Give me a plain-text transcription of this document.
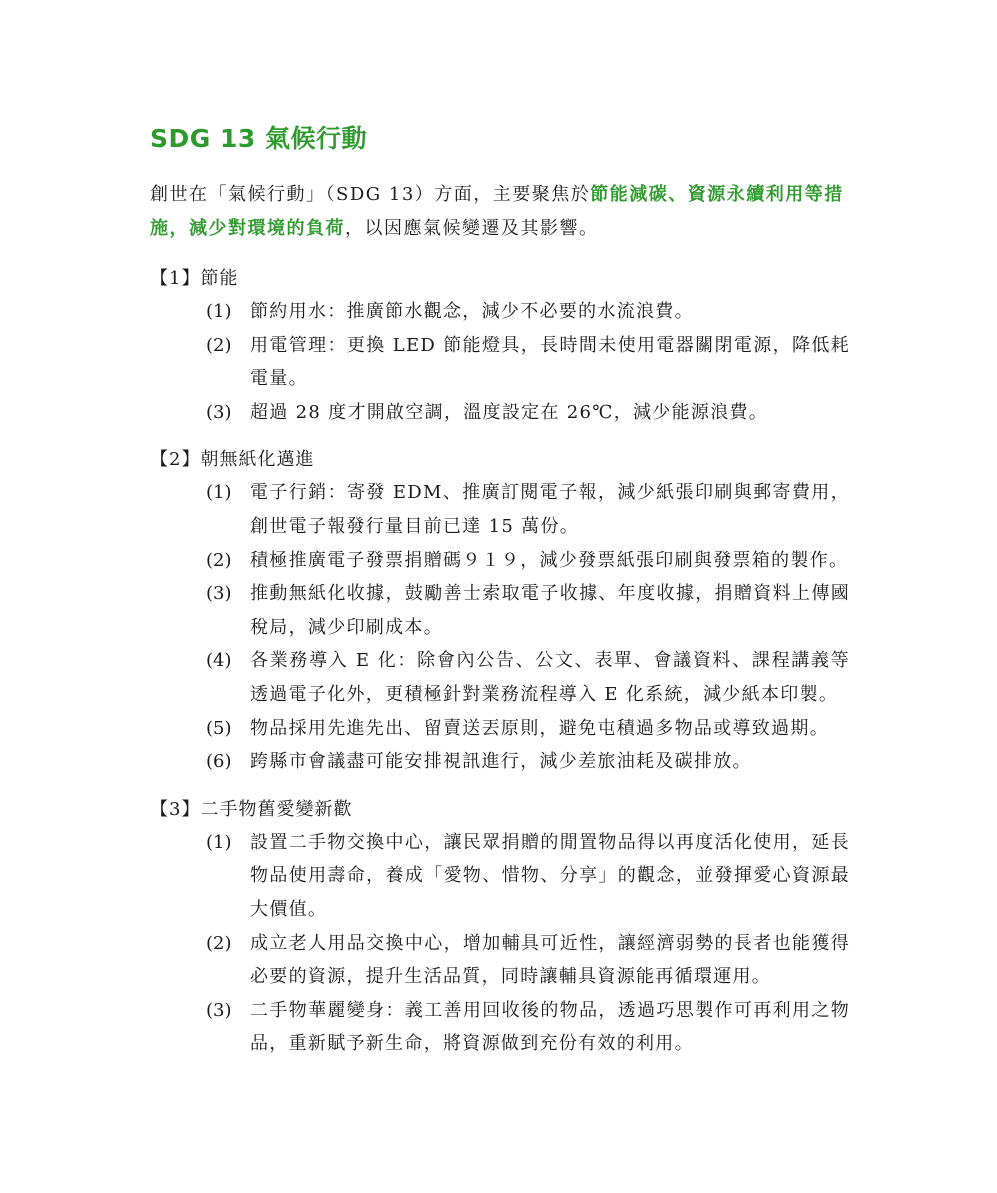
SDG 13 氣候行動

創世在「氣候行動」（SDG 13）方面，主要聚焦於節能減碳、資源永續利用等措施，減少對環境的負荷，以因應氣候變遷及其影響。

【1】節能

(1) 節約用水：推廣節水觀念，減少不必要的水流浪費。
(2) 用電管理：更換 LED 節能燈具，長時間未使用電器關閉電源，降低耗電量。
(3) 超過 28 度才開啟空調，溫度設定在 26℃，減少能源浪費。

【2】朝無紙化邁進

(1) 電子行銷：寄發 EDM、推廣訂閱電子報，減少紙張印刷與郵寄費用，創世電子報發行量目前已達 15 萬份。
(2) 積極推廣電子發票捐贈碼９１９，減少發票紙張印刷與發票箱的製作。
(3) 推動無紙化收據，鼓勵善士索取電子收據、年度收據，捐贈資料上傳國稅局，減少印刷成本。
(4) 各業務導入 E 化：除會內公告、公文、表單、會議資料、課程講義等透過電子化外，更積極針對業務流程導入 E 化系統，減少紙本印製。
(5) 物品採用先進先出、留賣送丟原則，避免屯積過多物品或導致過期。
(6) 跨縣市會議盡可能安排視訊進行，減少差旅油耗及碳排放。

【3】二手物舊愛變新歡

(1) 設置二手物交換中心，讓民眾捐贈的閒置物品得以再度活化使用，延長物品使用壽命，養成「愛物、惜物、分享」的觀念，並發揮愛心資源最大價值。
(2) 成立老人用品交換中心，增加輔具可近性，讓經濟弱勢的長者也能獲得必要的資源，提升生活品質，同時讓輔具資源能再循環運用。
(3) 二手物華麗變身：義工善用回收後的物品，透過巧思製作可再利用之物品，重新賦予新生命，將資源做到充份有效的利用。
